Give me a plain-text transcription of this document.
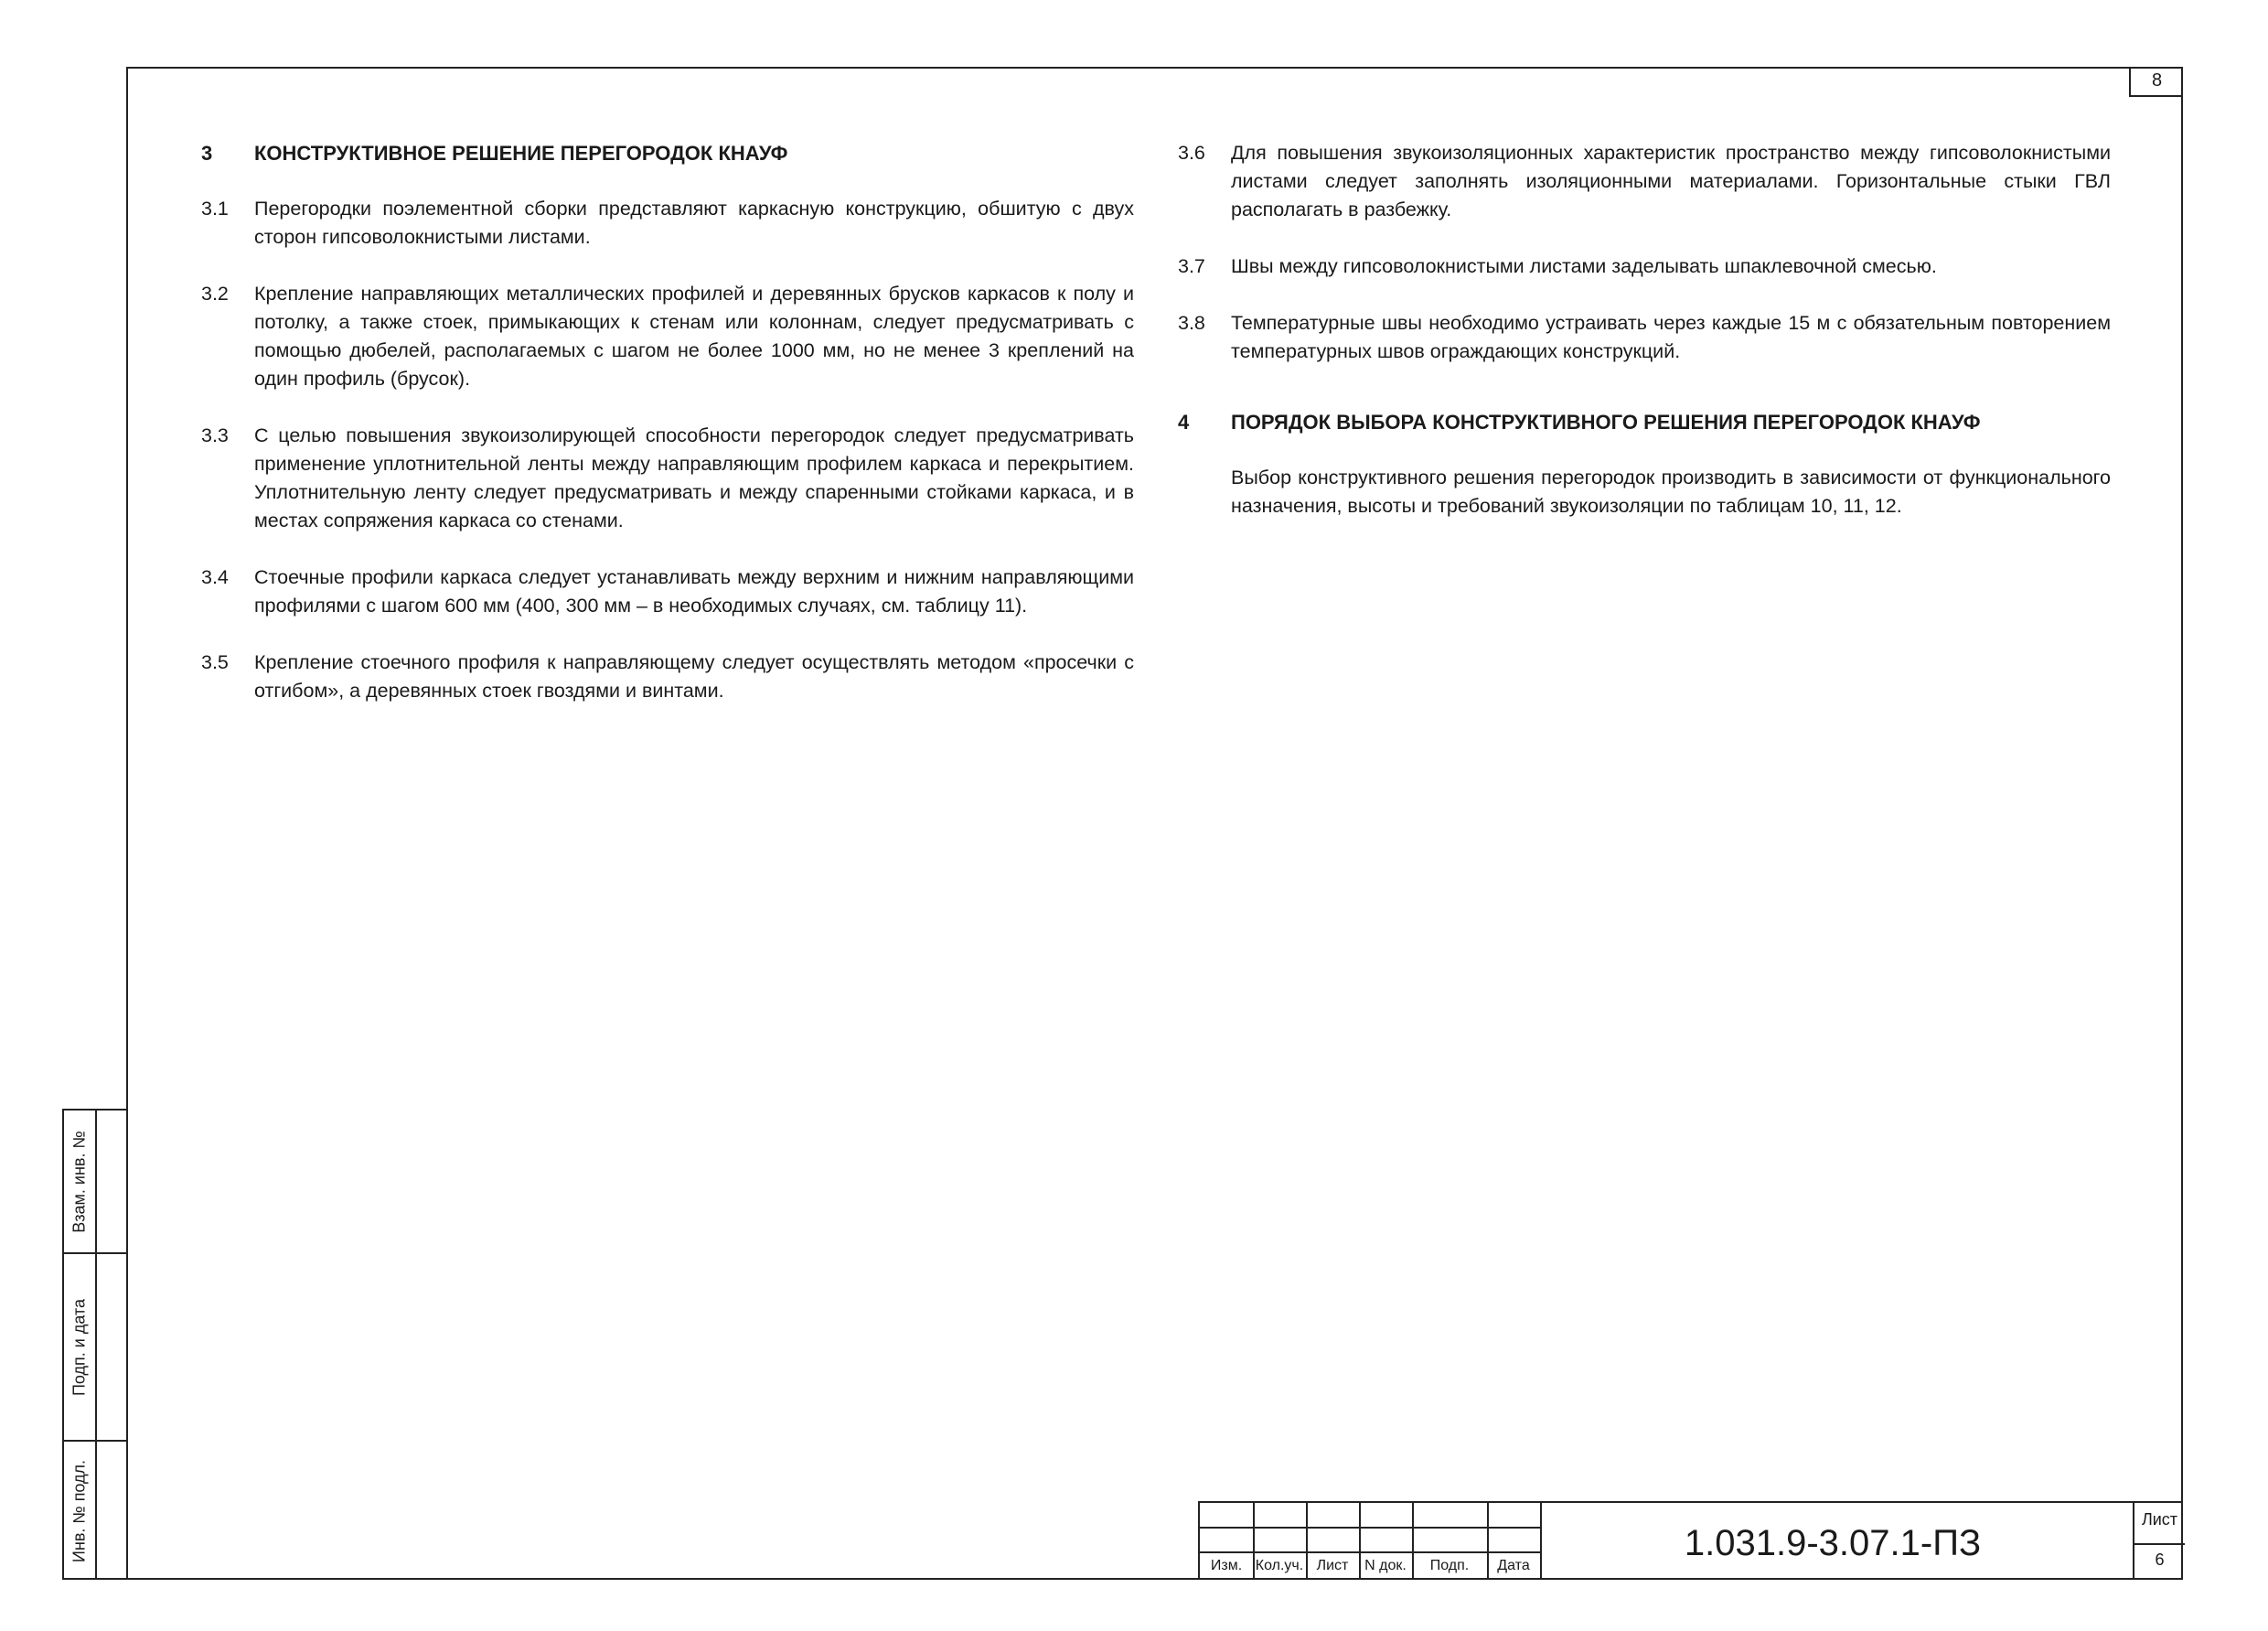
8
Взам. инв. №
Подп. и дата
Инв. № подл.
3	КОНСТРУКТИВНОЕ РЕШЕНИЕ ПЕРЕГОРОДОК КНАУФ
3.1	Перегородки поэлементной сборки представляют каркасную конструкцию, обшитую с двух сторон гипсоволокнистыми листами.
3.2	Крепление направляющих металлических профилей и деревянных брусков каркасов к полу и потолку, а также стоек, примыкающих к стенам или колоннам, следует предусматривать с помощью дюбелей, располагаемых с шагом не более 1000 мм, но не менее 3 креплений на один профиль (брусок).
3.3	С целью повышения звукоизолирующей способности перегородок следует предусматривать применение уплотнительной ленты между направляющим профилем каркаса и перекрытием. Уплотнительную ленту следует предусматривать и между спаренными стойками каркаса, и в местах сопряжения каркаса со стенами.
3.4	Стоечные профили каркаса следует устанавливать между верхним и нижним направляющими профилями с шагом 600 мм (400, 300 мм – в необходимых случаях, см. таблицу 11).
3.5	Крепление стоечного профиля к направляющему следует осуществлять методом «просечки с отгибом», а деревянных стоек гвоздями и винтами.
3.6	Для повышения звукоизоляционных характеристик пространство между гипсоволокнистыми листами следует заполнять изоляционными материалами. Горизонтальные стыки ГВЛ располагать в разбежку.
3.7	Швы между гипсоволокнистыми листами заделывать шпаклевочной смесью.
3.8	Температурные швы необходимо устраивать через каждые 15 м с обязательным повторением температурных швов ограждающих конструкций.
4	ПОРЯДОК ВЫБОРА КОНСТРУКТИВНОГО РЕШЕНИЯ ПЕРЕГОРОДОК КНАУФ
Выбор конструктивного решения перегородок производить в зависимости от функционального назначения, высоты и требований звукоизоляции по таблицам 10, 11, 12.
Изм. Кол.уч. Лист	N док.	Подп.	Дата
1.031.9-3.07.1-ПЗ
Лист
6
